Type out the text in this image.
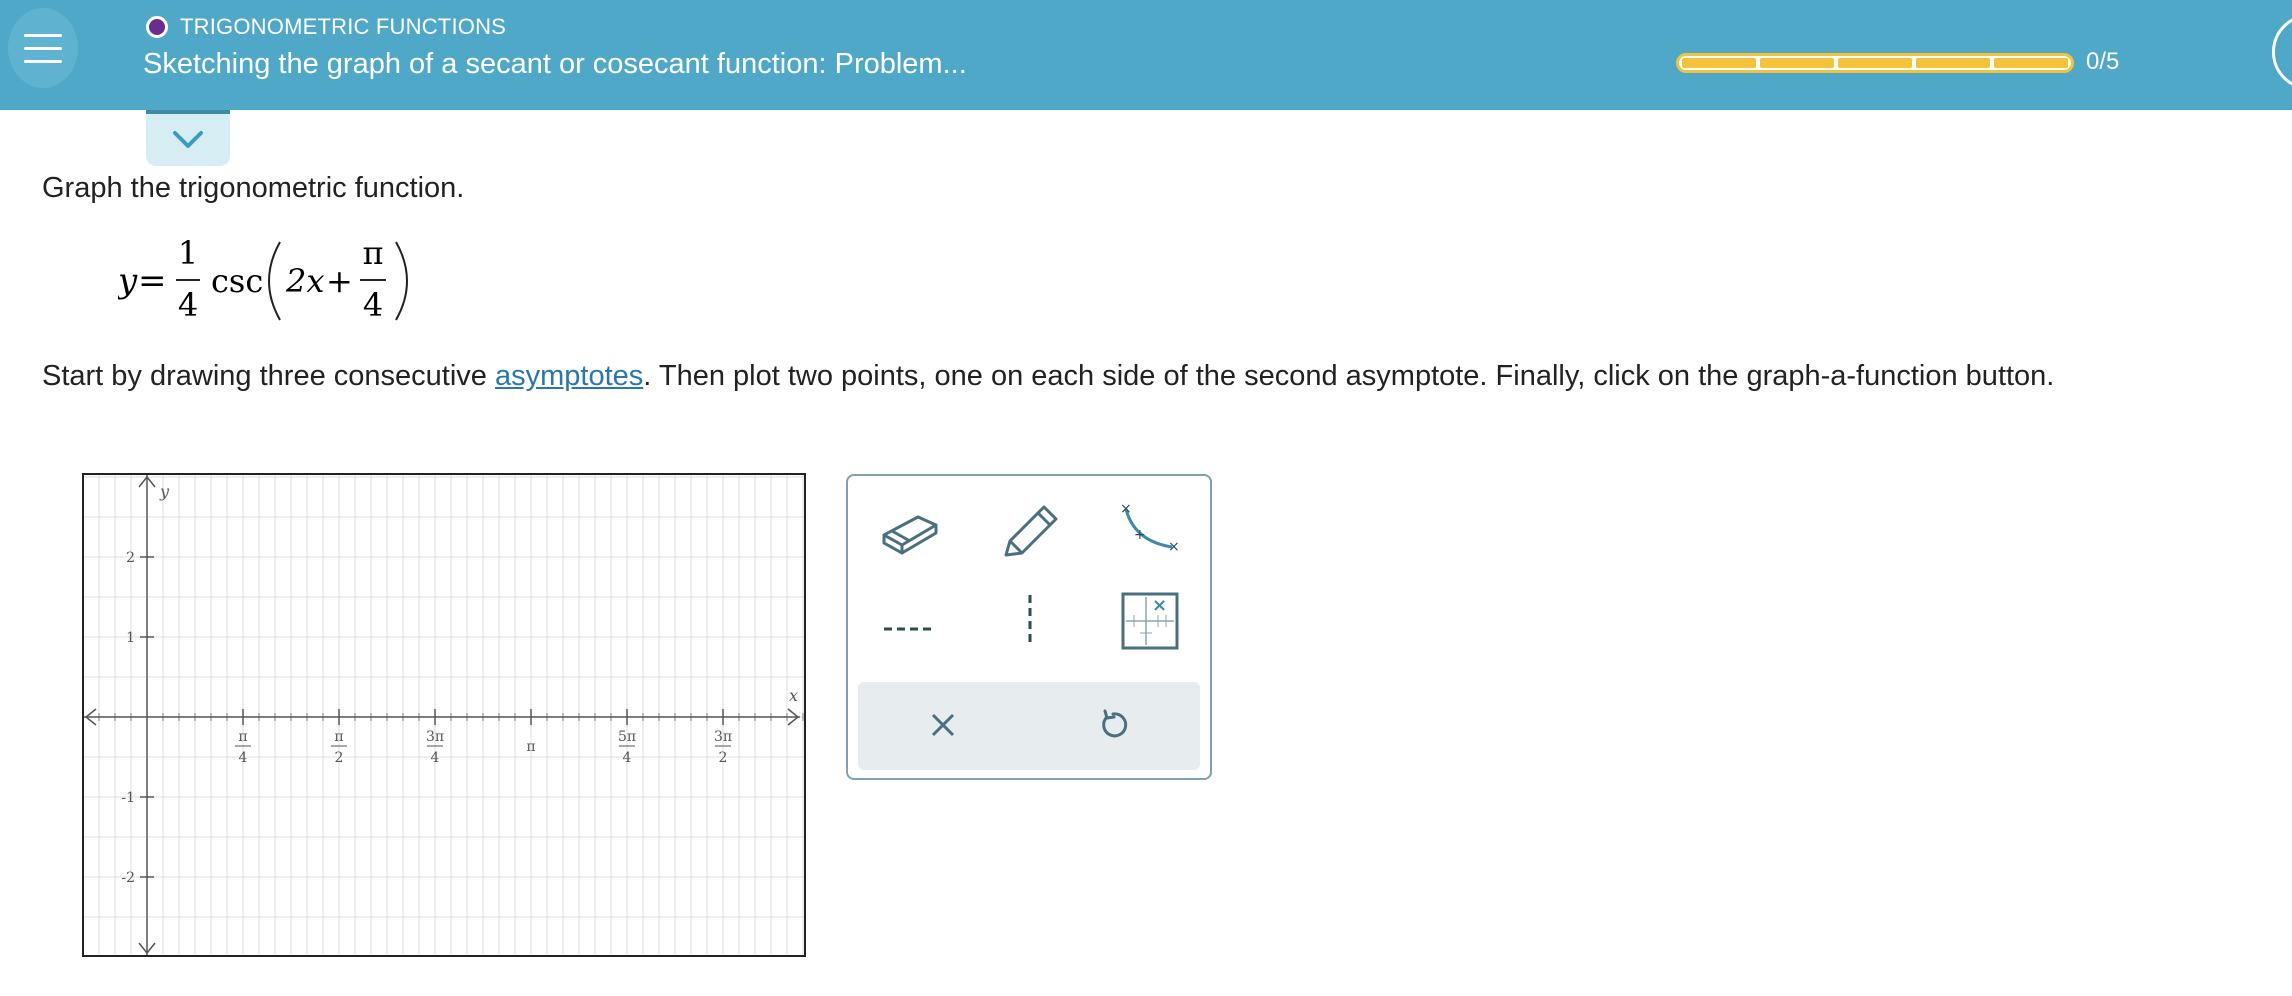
TRIGONOMETRIC FUNCTIONS
Sketching the graph of a secant or cosecant function: Problem...	0/5
Graph the trigonometric function.
y =
1
4
csc 2x +
π
4
Start by drawing three consecutive asymptotes. Then plot two points, one on each side of the second asymptote. Finally, click on the graph-a-function button.
x
y
2
1
-1
-2
π
4
π
2
3π
4
π
5π
4
3π
2
×
+
×
×
